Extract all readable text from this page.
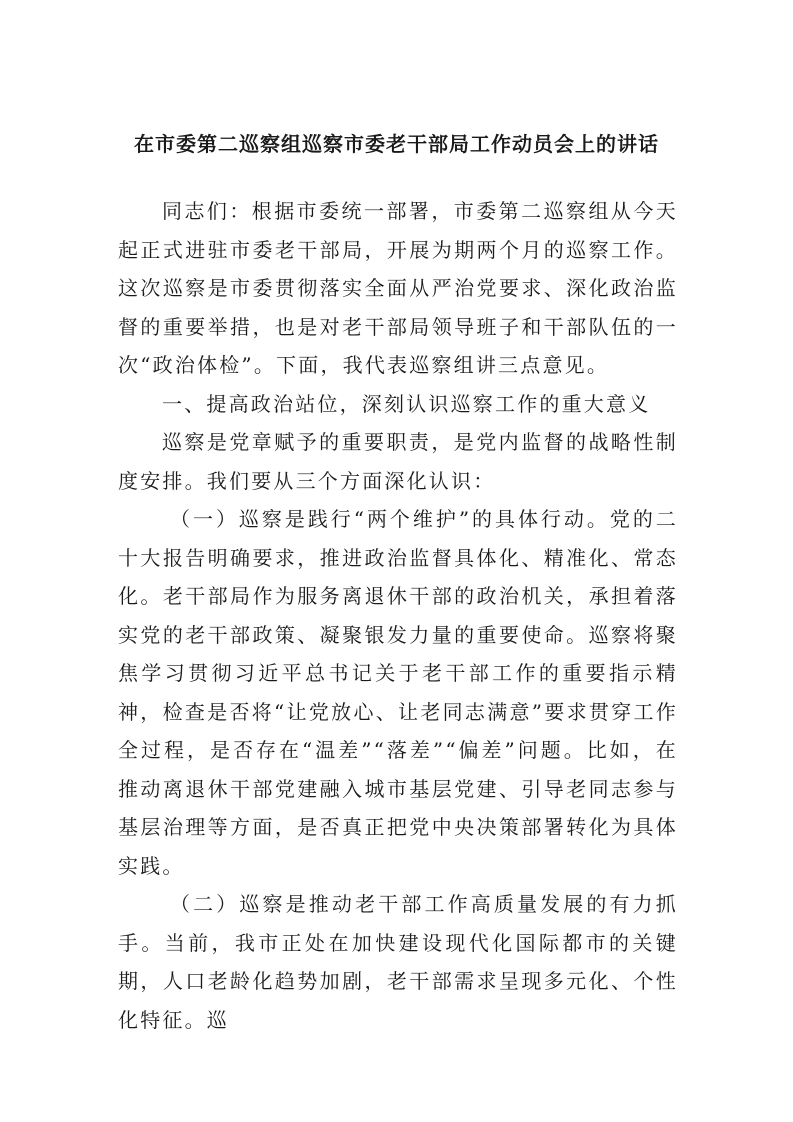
在市委第二巡察组巡察市委老干部局工作动员会上的讲话

同志们：根据市委统一部署，市委第二巡察组从今天起正式进驻市委老干部局，开展为期两个月的巡察工作。这次巡察是市委贯彻落实全面从严治党要求、深化政治监督的重要举措，也是对老干部局领导班子和干部队伍的一次“政治体检”。下面，我代表巡察组讲三点意见。

一、提高政治站位，深刻认识巡察工作的重大意义

巡察是党章赋予的重要职责，是党内监督的战略性制度安排。我们要从三个方面深化认识：

（一）巡察是践行“两个维护”的具体行动。党的二十大报告明确要求，推进政治监督具体化、精准化、常态化。老干部局作为服务离退休干部的政治机关，承担着落实党的老干部政策、凝聚银发力量的重要使命。巡察将聚焦学习贯彻习近平总书记关于老干部工作的重要指示精神，检查是否将“让党放心、让老同志满意”要求贯穿工作全过程，是否存在“温差”“落差”“偏差”问题。比如，在推动离退休干部党建融入城市基层党建、引导老同志参与基层治理等方面，是否真正把党中央决策部署转化为具体实践。

（二）巡察是推动老干部工作高质量发展的有力抓手。当前，我市正处在加快建设现代化国际都市的关键期，人口老龄化趋势加剧，老干部需求呈现多元化、个性化特征。巡
